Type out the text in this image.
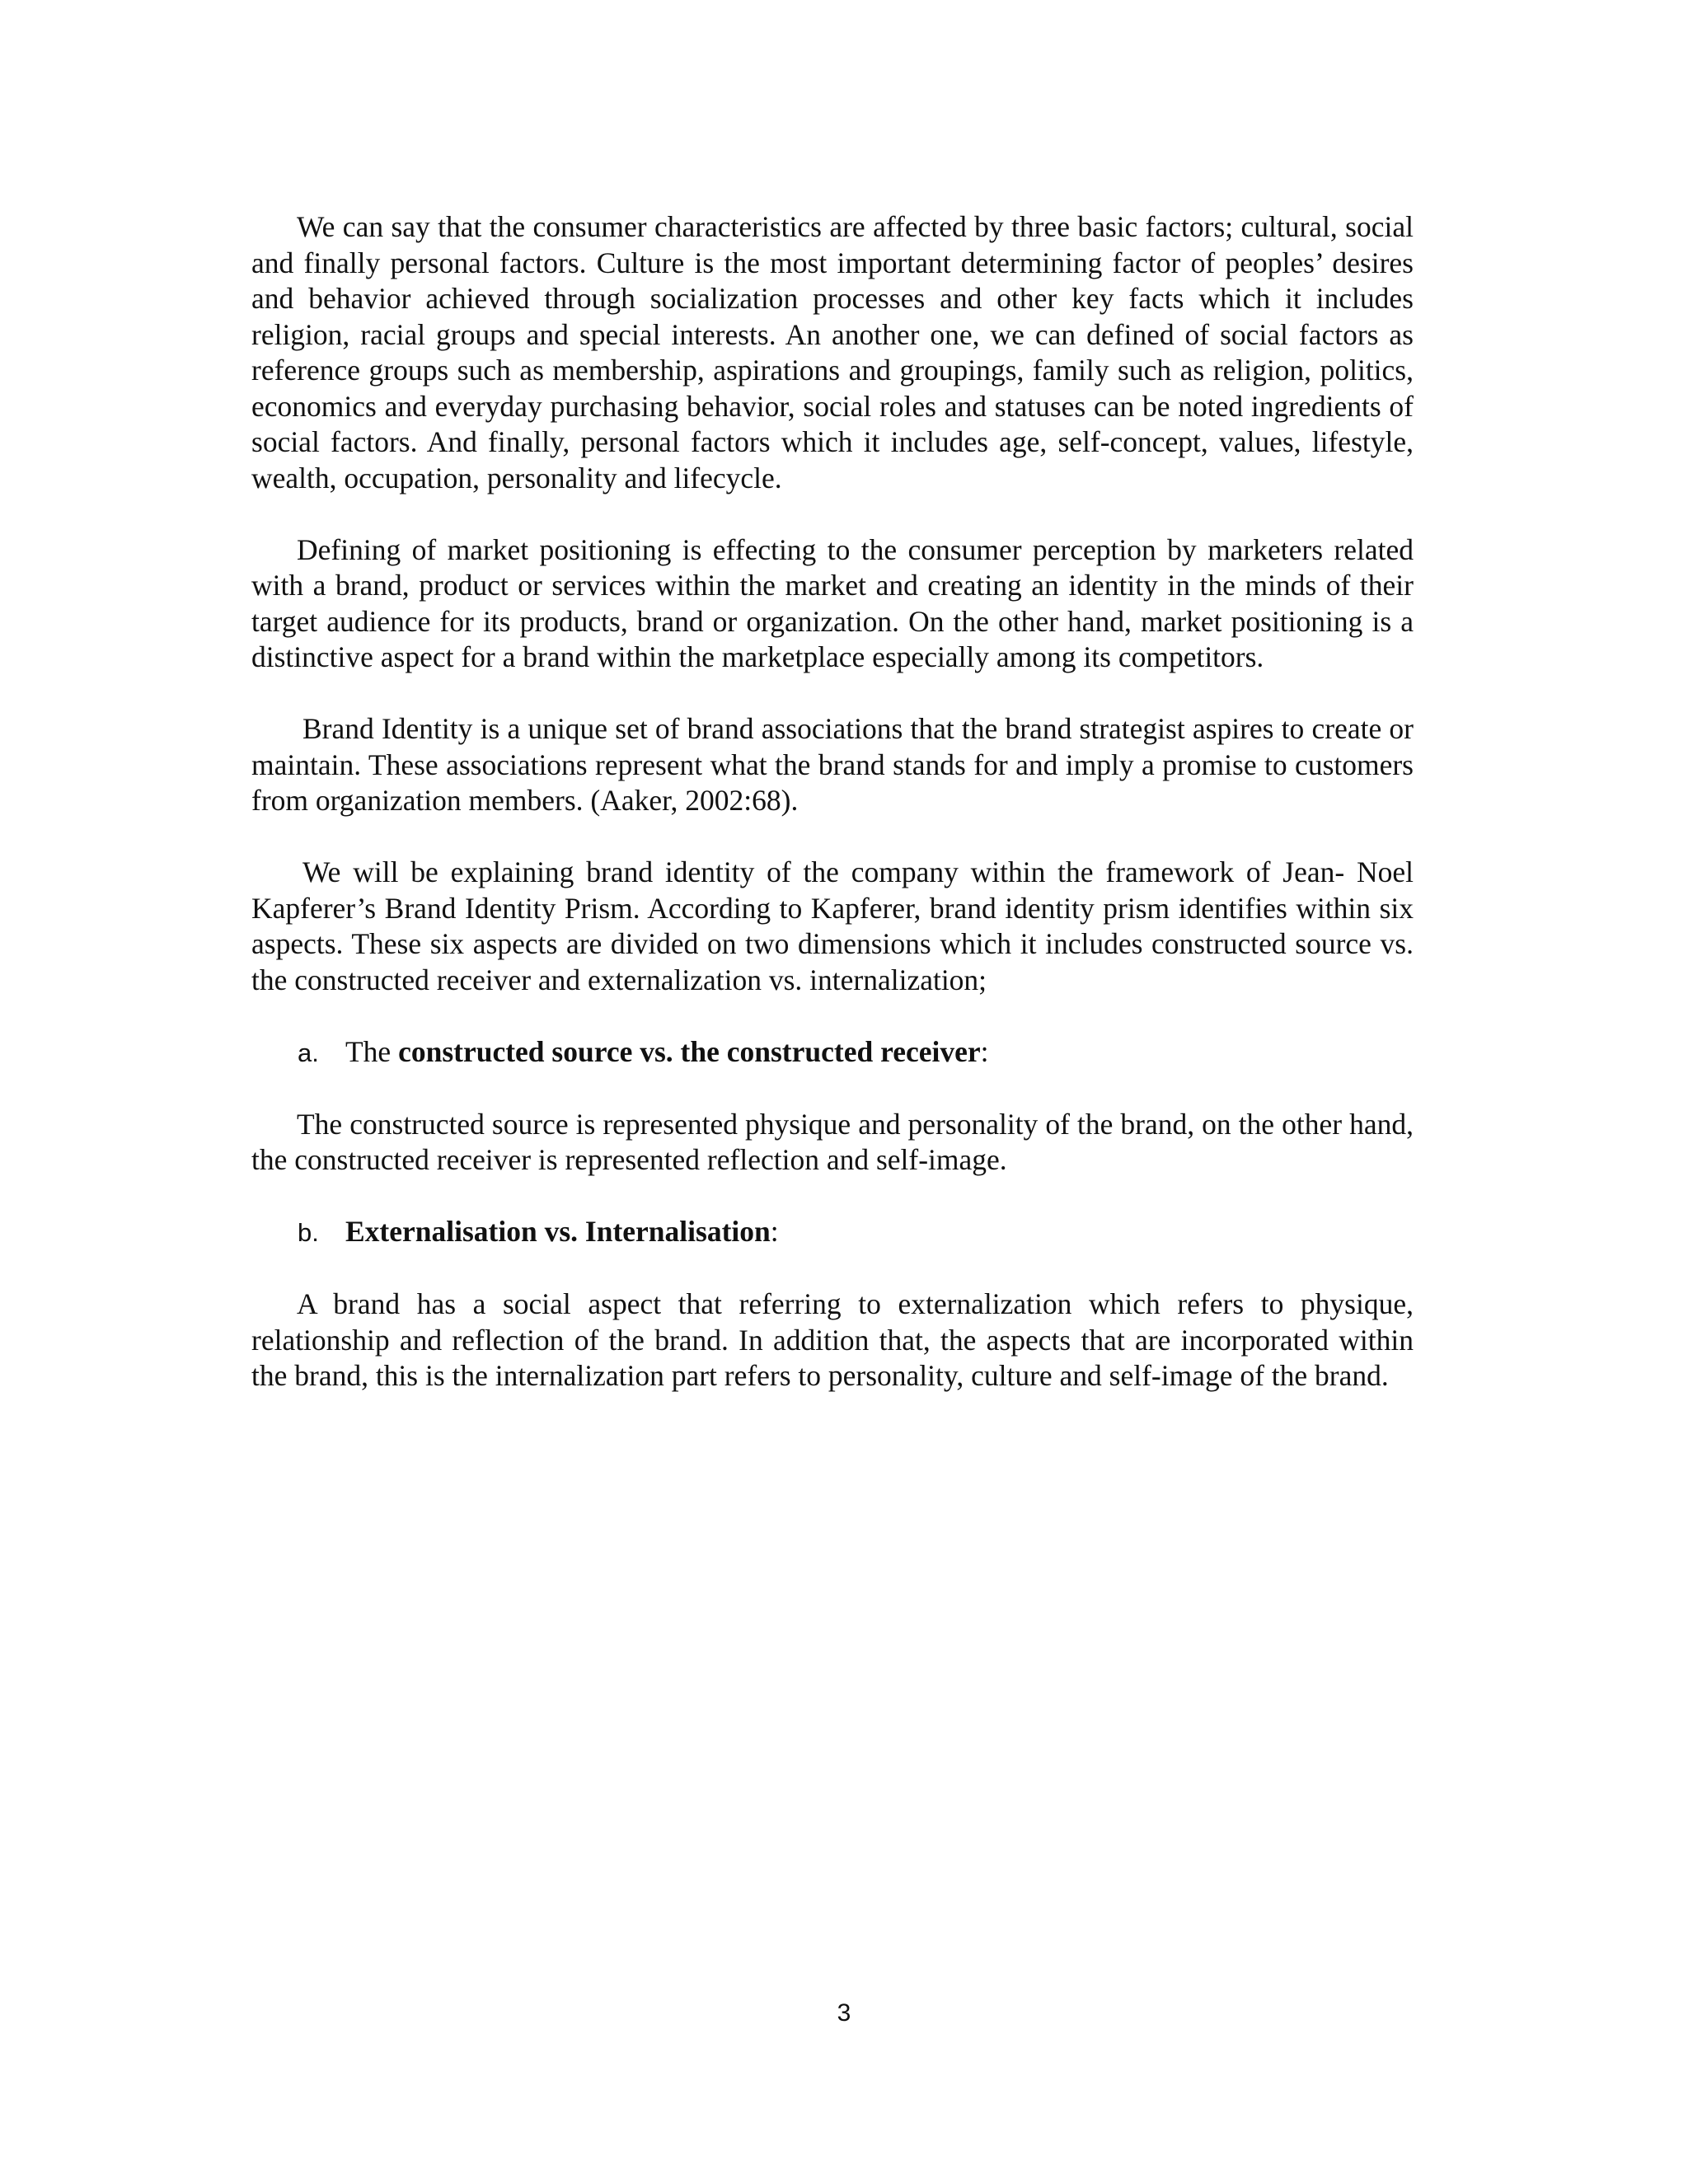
We can say that the consumer characteristics are affected by three basic factors; cultural, social and finally personal factors. Culture is the most important determining factor of peoples’ desires and behavior achieved through socialization processes and other key facts which it includes religion, racial groups and special interests. An another one, we can defined of social factors as reference groups such as membership, aspirations and groupings, family such as religion, politics, economics and everyday purchasing behavior, social roles and statuses can be noted ingredients of social factors. And finally, personal factors which it includes age, self-concept, values, lifestyle, wealth, occupation, personality and lifecycle.

Defining of market positioning is effecting to the consumer perception by marketers related with a brand, product or services within the market and creating an identity in the minds of their target audience for its products, brand or organization. On the other hand, market positioning is a distinctive aspect for a brand within the marketplace especially among its competitors.

Brand Identity is a unique set of brand associations that the brand strategist aspires to create or maintain. These associations represent what the brand stands for and imply a promise to customers from organization members. (Aaker, 2002:68).

We will be explaining brand identity of the company within the framework of Jean- Noel Kapferer’s Brand Identity Prism. According to Kapferer, brand identity prism identifies within six aspects. These six aspects are divided on two dimensions which it includes constructed source vs. the constructed receiver and externalization vs. internalization;

a. The constructed source vs. the constructed receiver:

The constructed source is represented physique and personality of the brand, on the other hand, the constructed receiver is represented reflection and self-image.

b. Externalisation vs. Internalisation:

A brand has a social aspect that referring to externalization which refers to physique, relationship and reflection of the brand. In addition that, the aspects that are incorporated within the brand, this is the internalization part refers to personality, culture and self-image of the brand.

3
